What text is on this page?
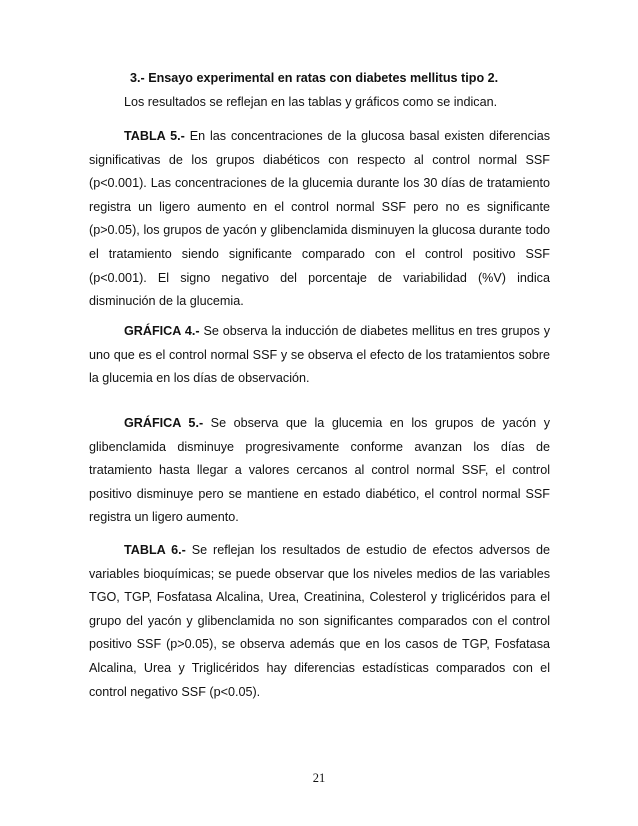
3.- Ensayo experimental en ratas con diabetes mellitus tipo 2.
Los resultados se reflejan en las tablas y gráficos como se indican.

TABLA 5.- En las concentraciones de la glucosa basal existen diferencias significativas de los grupos diabéticos con respecto al control normal SSF (p<0.001). Las concentraciones de la glucemia durante los 30 días de tratamiento registra un ligero aumento en el control normal SSF pero no es significante (p>0.05), los grupos de yacón y glibenclamida disminuyen la glucosa durante todo el tratamiento siendo significante comparado con el control positivo SSF (p<0.001). El signo negativo del porcentaje de variabilidad (%V) indica disminución de la glucemia.

GRÁFICA 4.- Se observa la inducción de diabetes mellitus en tres grupos y uno que es el control normal SSF y se observa el efecto de los tratamientos sobre la glucemia en los días de observación.

GRÁFICA 5.- Se observa que la glucemia en los grupos de yacón y glibenclamida disminuye progresivamente conforme avanzan los días de tratamiento hasta llegar a valores cercanos al control normal SSF, el control positivo disminuye pero se mantiene en estado diabético, el control normal SSF registra un ligero aumento.

TABLA 6.- Se reflejan los resultados de estudio de efectos adversos de variables bioquímicas; se puede observar que los niveles medios de las variables TGO, TGP, Fosfatasa Alcalina, Urea, Creatinina, Colesterol y triglicéridos para el grupo del yacón y glibenclamida no son significantes comparados con el control positivo SSF (p>0.05), se observa además que en los casos de TGP, Fosfatasa Alcalina, Urea y Triglicéridos hay diferencias estadísticas comparados con el control negativo SSF (p<0.05).

21
